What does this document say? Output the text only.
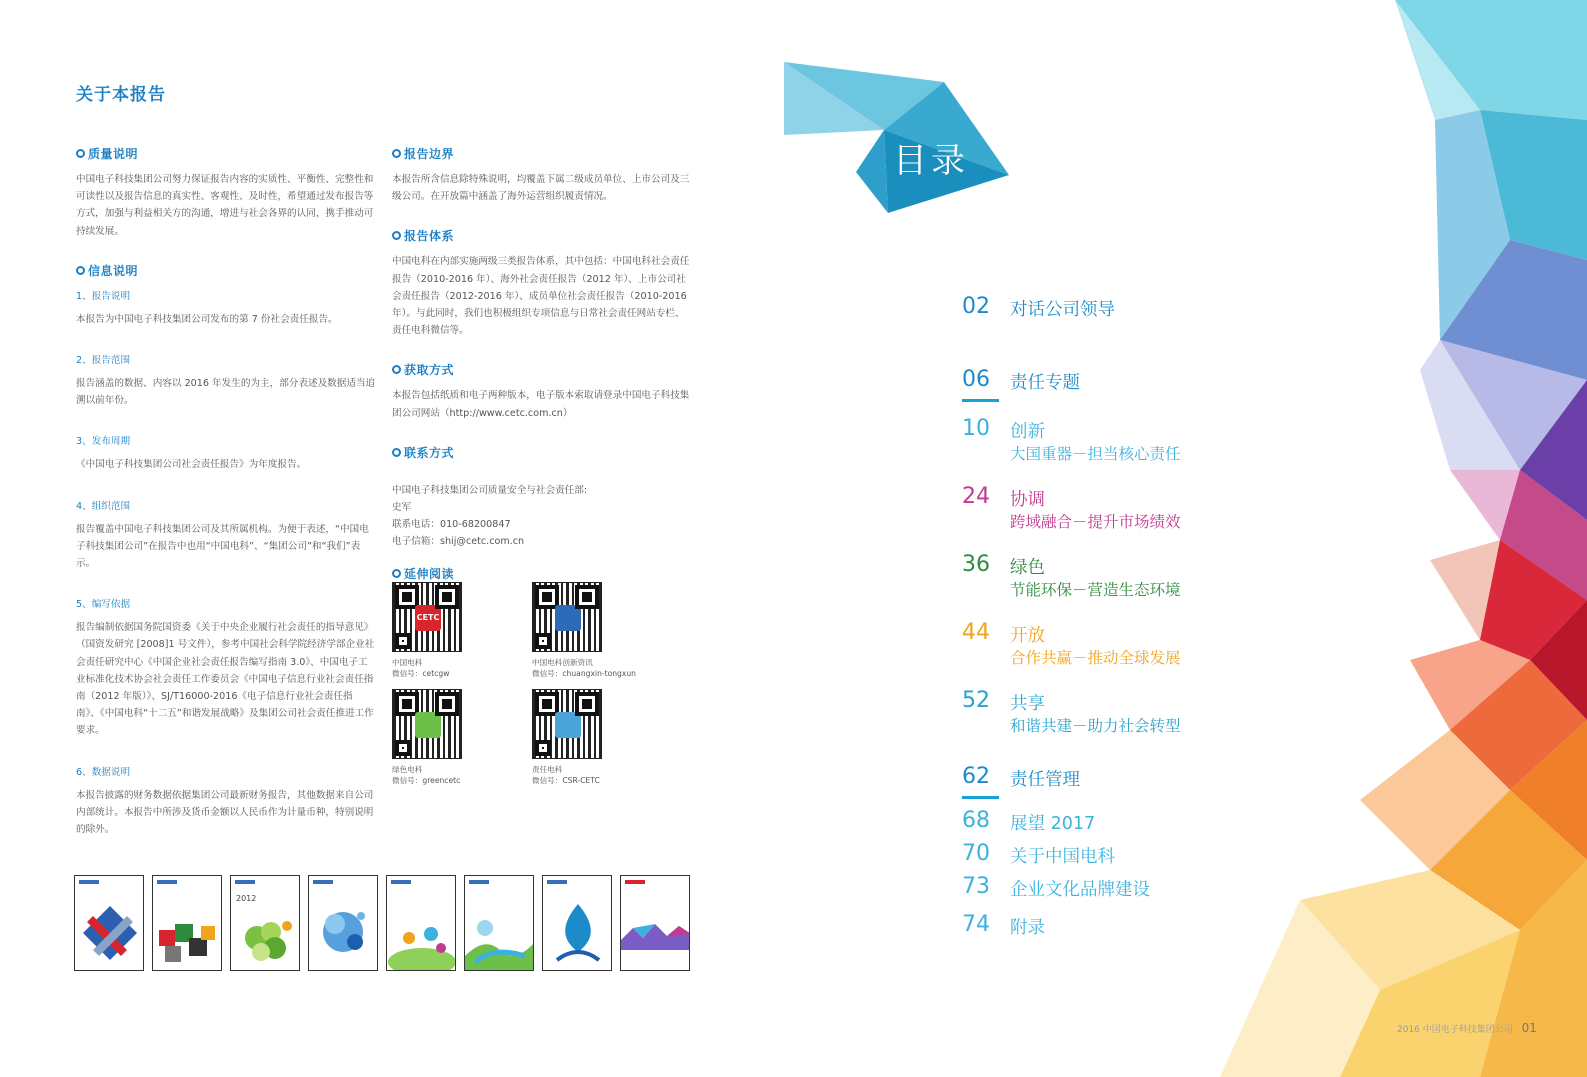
关于本报告
质量说明
中国电子科技集团公司努力保证报告内容的实质性、平衡性、完整性和可读性以及报告信息的真实性、客观性、及时性，希望通过发布报告等方式，加强与利益相关方的沟通，增进与社会各界的认同，携手推动可持续发展。
信息说明
1、报告说明
本报告为中国电子科技集团公司发布的第 7 份社会责任报告。
2、报告范围
报告涵盖的数据、内容以 2016 年发生的为主，部分表述及数据适当追溯以前年份。
3、发布周期
《中国电子科技集团公司社会责任报告》为年度报告。
4、组织范围
报告覆盖中国电子科技集团公司及其所属机构。为便于表述，“中国电子科技集团公司”在报告中也用“中国电科”、“集团公司”和“我们”表示。
5、编写依据
报告编制依据国务院国资委《关于中央企业履行社会责任的指导意见》（国资发研究 [2008]1 号文件），参考中国社会科学院经济学部企业社会责任研究中心《中国企业社会责任报告编写指南 3.0》、中国电子工业标准化技术协会社会责任工作委员会《中国电子信息行业社会责任指南（2012 年版）》、SJ/T16000-2016《电子信息行业社会责任指南》、《中国电科“十二五”和谐发展战略》及集团公司社会责任推进工作要求。
6、数据说明
本报告披露的财务数据依据集团公司最新财务报告，其他数据来自公司内部统计。本报告中所涉及货币金额以人民币作为计量币种，特别说明的除外。
报告边界
本报告所含信息除特殊说明，均覆盖下属二级成员单位、上市公司及三级公司。在开放篇中涵盖了海外运营组织履责情况。
报告体系
中国电科在内部实施两级三类报告体系，其中包括：中国电科社会责任报告（2010-2016 年）、海外社会责任报告（2012 年）、上市公司社会责任报告（2012-2016 年）、成员单位社会责任报告（2010-2016 年）。与此同时，我们也积极组织专项信息与日常社会责任网站专栏、责任电科微信等。
获取方式
本报告包括纸质和电子两种版本，电子版本索取请登录中国电子科技集团公司网站（http://www.cetc.com.cn）
联系方式
中国电子科技集团公司质量安全与社会责任部:
史军
联系电话：010-68200847
电子信箱：shij@cetc.com.cn
延伸阅读
CETC
中国电科
微信号：cetcgw
中国电科创新资讯
微信号：chuangxin-tongxun
绿色电科
微信号：greencetc
责任电科
微信号：CSR-CETC
2012
目录
02	对话公司领导
06	责任专题
10	创新
大国重器－担当核心责任
24	协调
跨域融合－提升市场绩效
36	绿色
节能环保－营造生态环境
44	开放
合作共赢－推动全球发展
52	共享
和谐共建－助力社会转型
62	责任管理
68	展望 2017
70	关于中国电科
73	企业文化品牌建设
74	附录
2016 中国电子科技集团公司 01
